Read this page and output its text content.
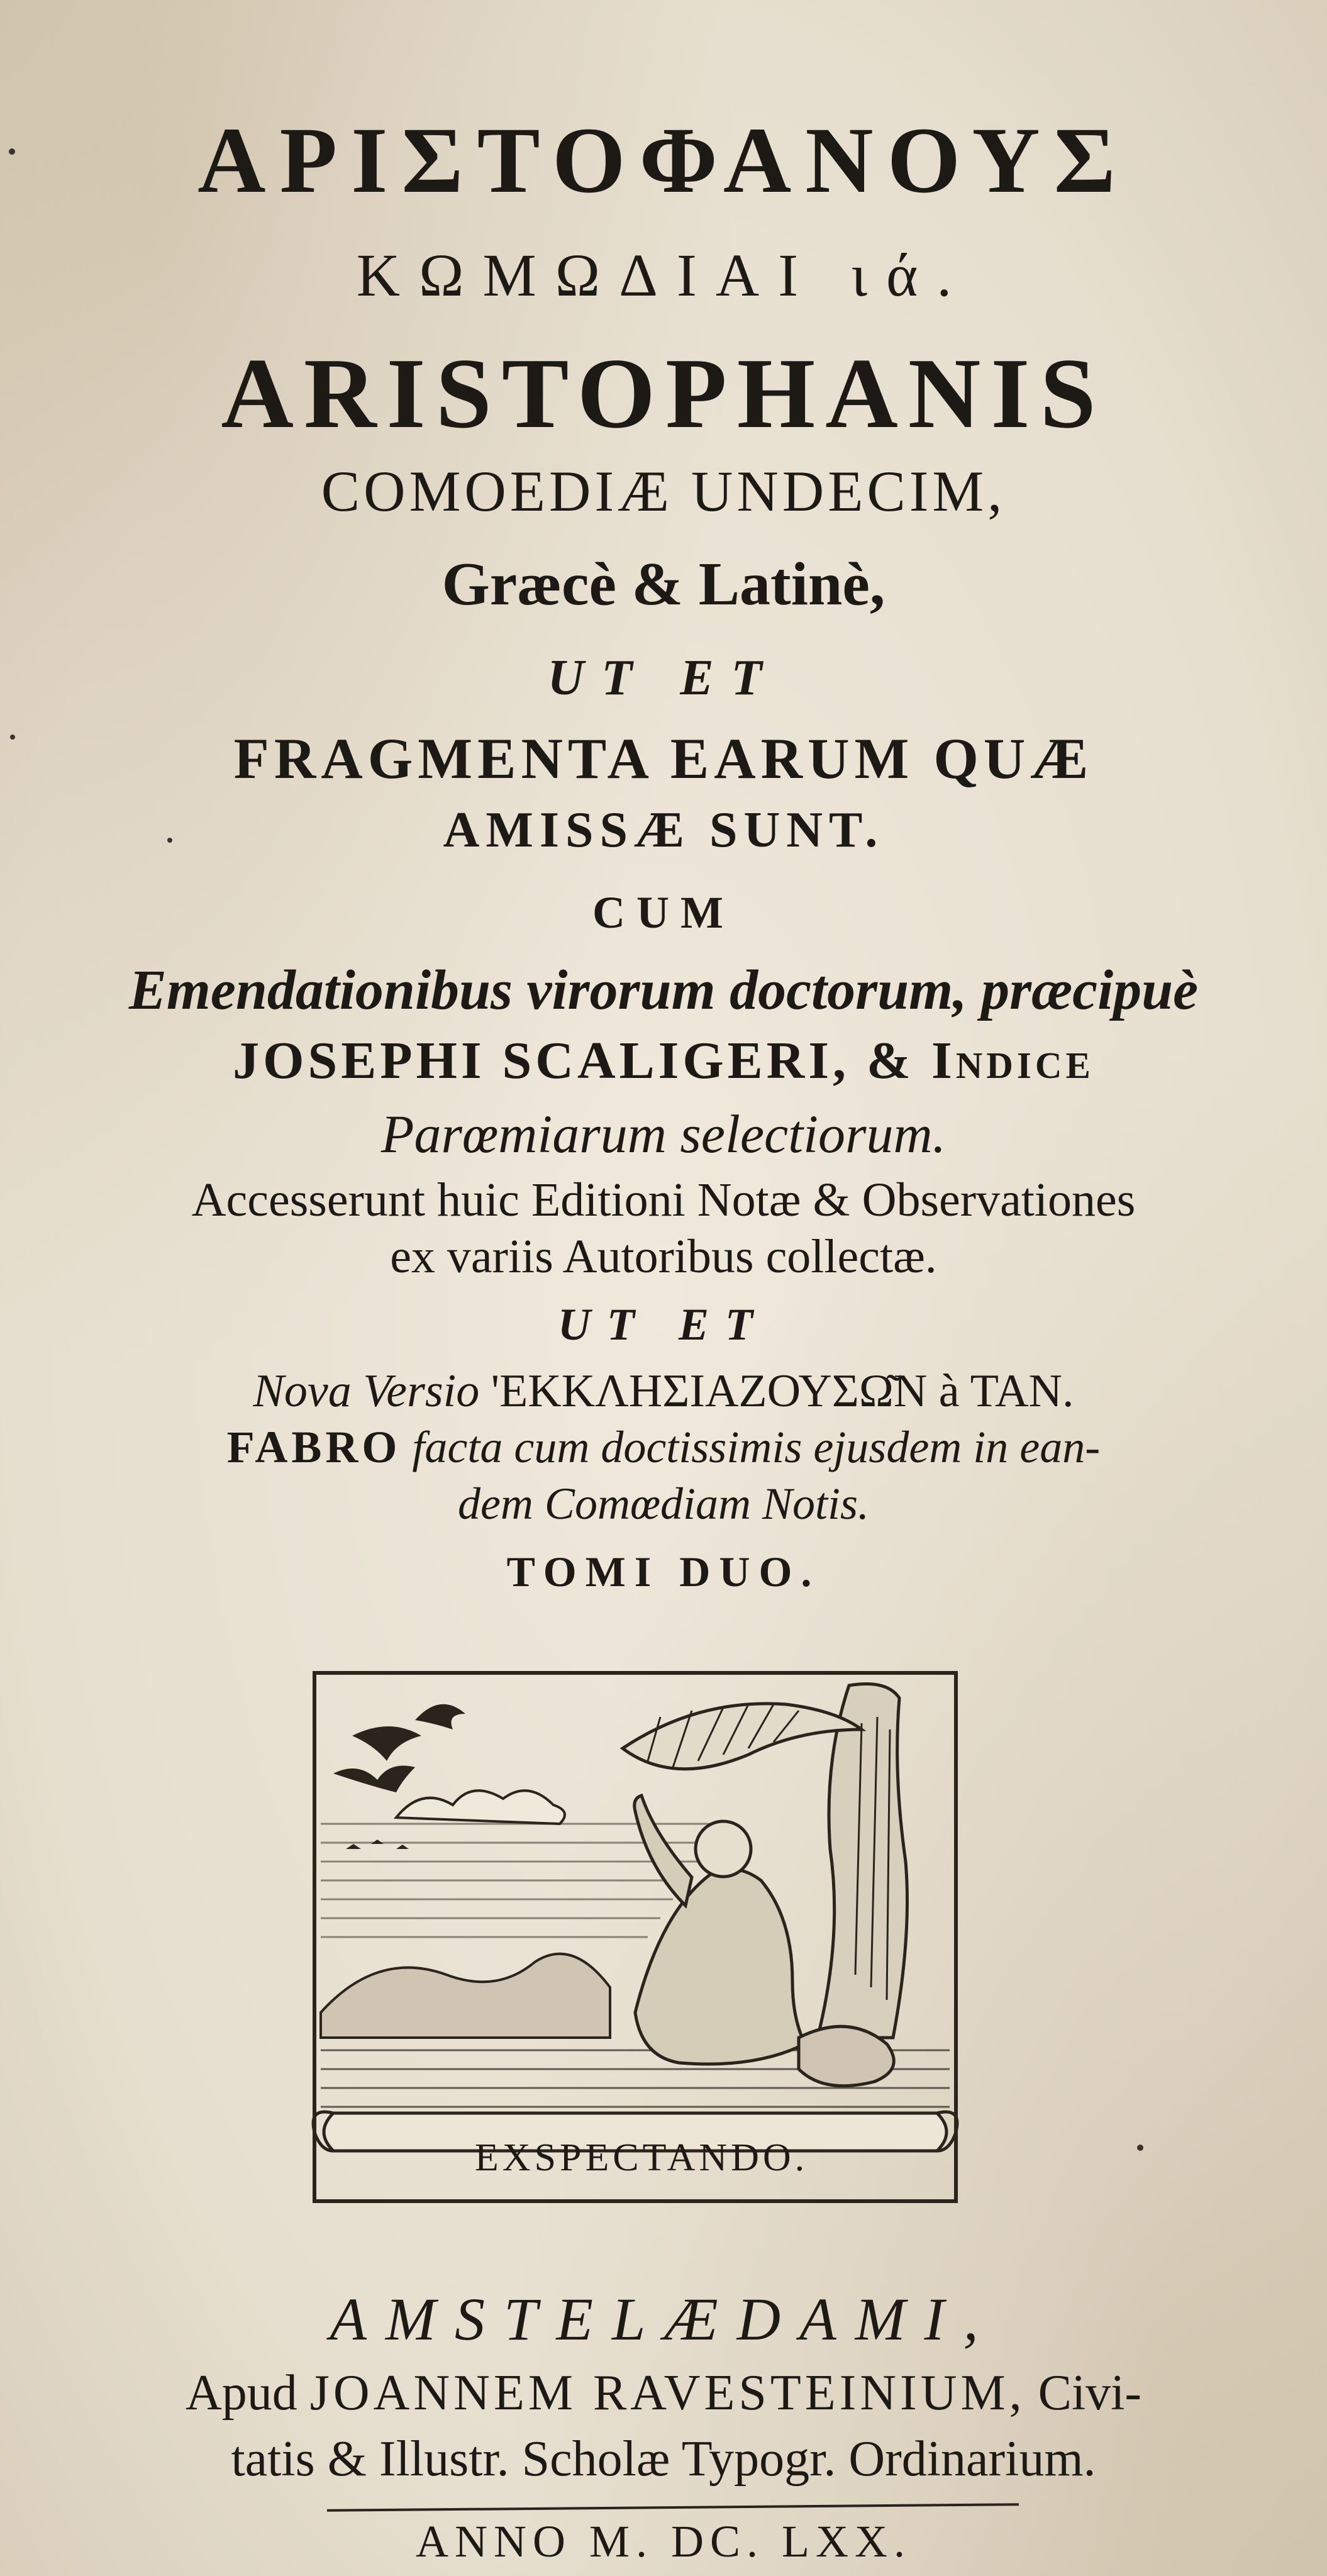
ΑΡΙΣΤΟΦΑΝΟΥΣ
ΚΩΜΩΔΙΑΙ ιά.
ARISTOPHANIS
COMOEDIÆ UNDECIM,
Græcè & Latinè,
UT ET
FRAGMENTA EARUM QUÆ
AMISSÆ SUNT.
CUM
Emendationibus virorum doctorum, præcipuè
JOSEPHI SCALIGERI, & Indice
Parœmiarum selectiorum.
Accesserunt huic Editioni Notæ & Observationes
ex variis Autoribus collectæ.
UT ET
Nova Versio 'ΕΚΚΛΗΣΙΑΖΟΥΣΩ͂Ν à TAN.
FABRO facta cum doctissimis ejusdem in ean-
dem Comœdiam Notis.
TOMI DUO.
EXSPECTANDO.
AMSTELÆDAMI,
Apud JOANNEM RAVESTEINIUM, Civi-
tatis & Illustr. Scholæ Typogr. Ordinarium.
ANNO M. DC. LXX.
